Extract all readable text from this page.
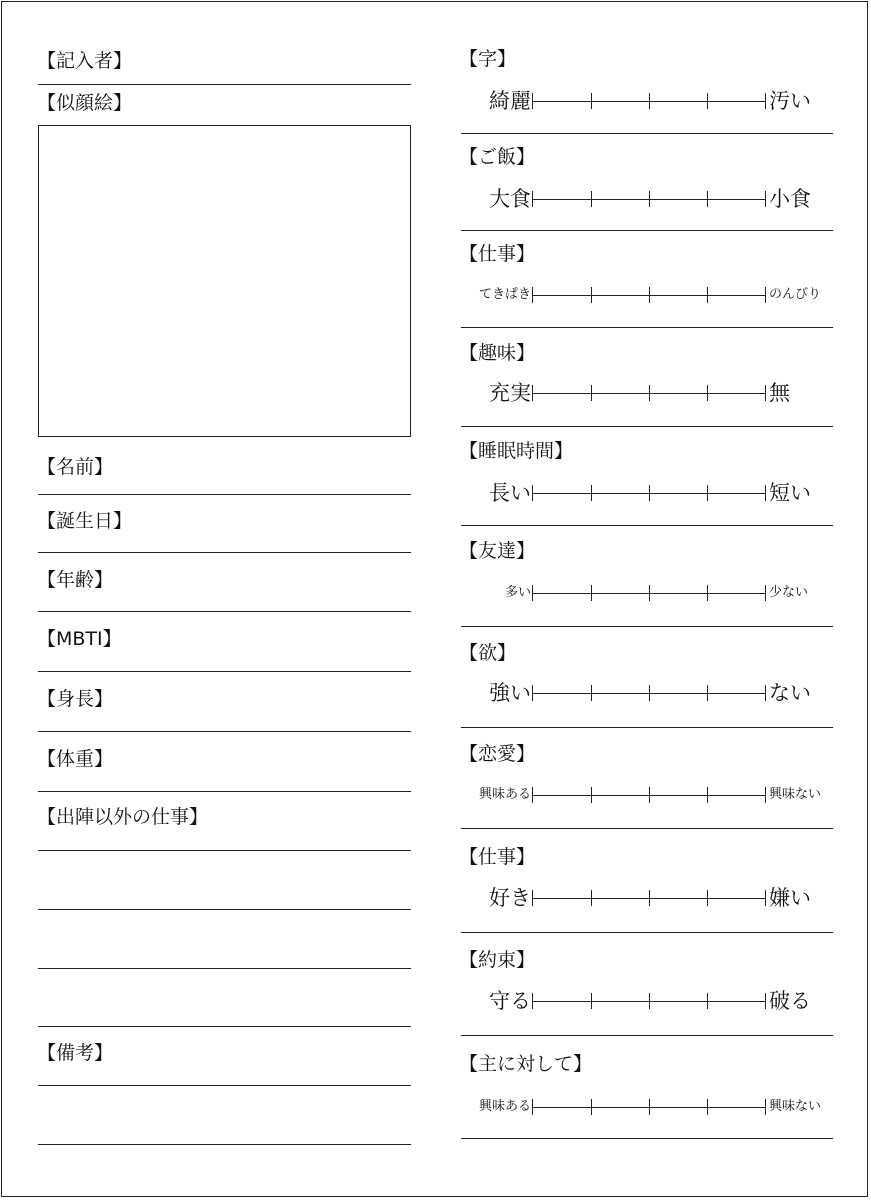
【記入者】
【似顔絵】
【名前】
【誕生日】
【年齢】
【MBTI】
【身長】
【体重】
【出陣以外の仕事】
【備考】
【字】
綺麗	汚い
【ご飯】
大食	小食
【仕事】
てきぱき	のんびり
【趣味】
充実	無
【睡眠時間】
長い	短い
【友達】
多い	少ない
【欲】
強い	ない
【恋愛】
興味ある	興味ない
【仕事】
好き	嫌い
【約束】
守る	破る
【主に対して】
興味ある	興味ない
